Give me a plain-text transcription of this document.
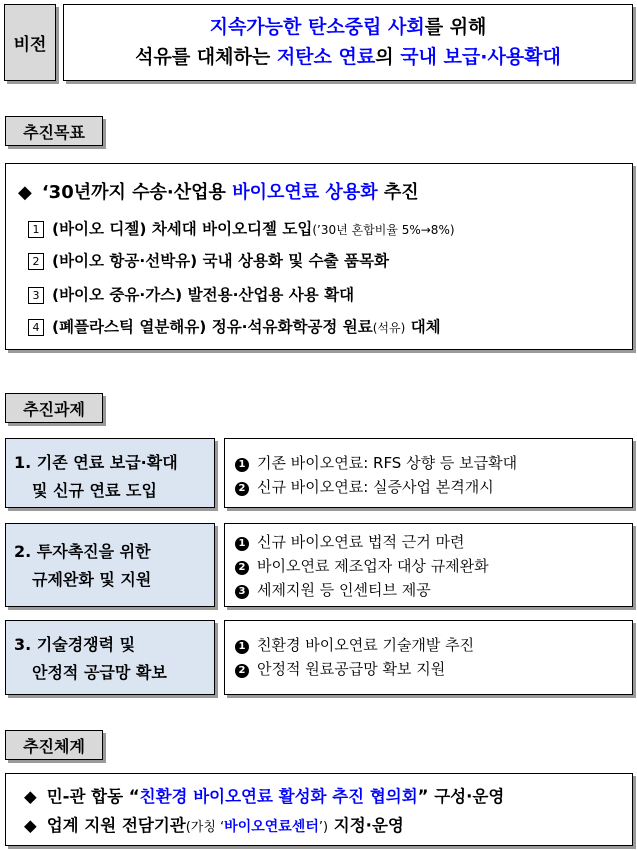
비전
지속가능한 탄소중립 사회를 위해
석유를 대체하는 저탄소 연료의 국내 보급·사용확대
추진목표
◆ ‘30년까지 수송·산업용 바이오연료 상용화 추진
1 (바이오 디젤) 차세대 바이오디젤 도입(’30년 혼합비율 5%→8%)
2 (바이오 항공·선박유) 국내 상용화 및 수출 품목화
3 (바이오 중유·가스) 발전용·산업용 사용 확대
4 (폐플라스틱 열분해유) 정유·석유화학공정 원료(석유) 대체
추진과제
1. 기존 연료 보급·확대
및 신규 연료 도입
1 기존 바이오연료: RFS 상향 등 보급확대
2 신규 바이오연료: 실증사업 본격개시
2. 투자촉진을 위한
규제완화 및 지원
1 신규 바이오연료 법적 근거 마련
2 바이오연료 제조업자 대상 규제완화
3 세제지원 등 인센티브 제공
3. 기술경쟁력 및
안정적 공급망 확보
1 친환경 바이오연료 기술개발 추진
2 안정적 원료공급망 확보 지원
추진체계
◆ 민-관 합동 “친환경 바이오연료 활성화 추진 협의회” 구성·운영
◆ 업계 지원 전담기관(가칭 ‘바이오연료센터’) 지정·운영
